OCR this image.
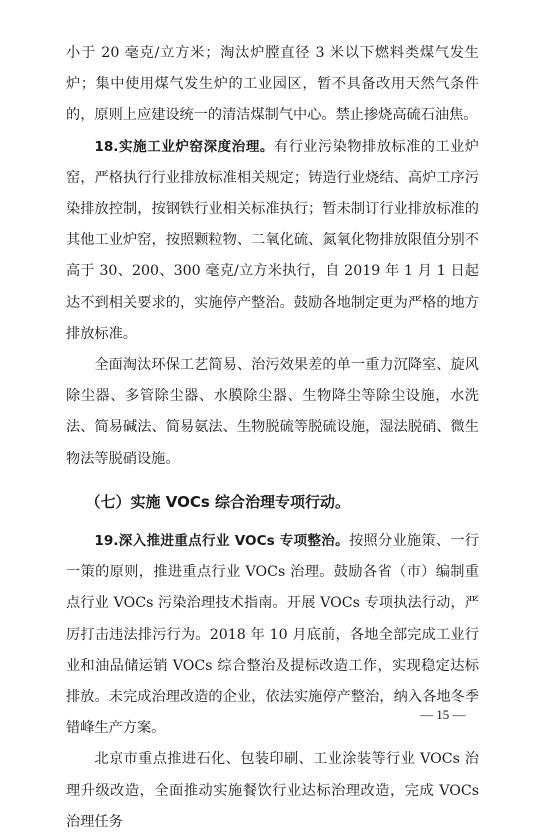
小于 20 毫克/立方米；淘汰炉膛直径 3 米以下燃料类煤气发生炉；集中使用煤气发生炉的工业园区，暂不具备改用天然气条件的，原则上应建设统一的清洁煤制气中心。禁止掺烧高硫石油焦。

18.实施工业炉窑深度治理。有行业污染物排放标准的工业炉窑，严格执行行业排放标准相关规定；铸造行业烧结、高炉工序污染排放控制，按钢铁行业相关标准执行；暂未制订行业排放标准的其他工业炉窑，按照颗粒物、二氧化硫、氮氧化物排放限值分别不高于 30、200、300 毫克/立方米执行，自 2019 年 1 月 1 日起达不到相关要求的，实施停产整治。鼓励各地制定更为严格的地方排放标准。

全面淘汰环保工艺简易、治污效果差的单一重力沉降室、旋风除尘器、多管除尘器、水膜除尘器、生物降尘等除尘设施，水洗法、简易碱法、简易氨法、生物脱硫等脱硫设施，湿法脱硝、微生物法等脱硝设施。

（七）实施 VOCs 综合治理专项行动。

19.深入推进重点行业 VOCs 专项整治。按照分业施策、一行一策的原则，推进重点行业 VOCs 治理。鼓励各省（市）编制重点行业 VOCs 污染治理技术指南。开展 VOCs 专项执法行动，严厉打击违法排污行为。2018 年 10 月底前，各地全部完成工业行业和油品储运销 VOCs 综合整治及提标改造工作，实现稳定达标排放。未完成治理改造的企业，依法实施停产整治，纳入各地冬季错峰生产方案。

北京市重点推进石化、包装印刷、工业涂装等行业 VOCs 治理升级改造，全面推动实施餐饮行业达标治理改造，完成 VOCs 治理任务

— 15 —
